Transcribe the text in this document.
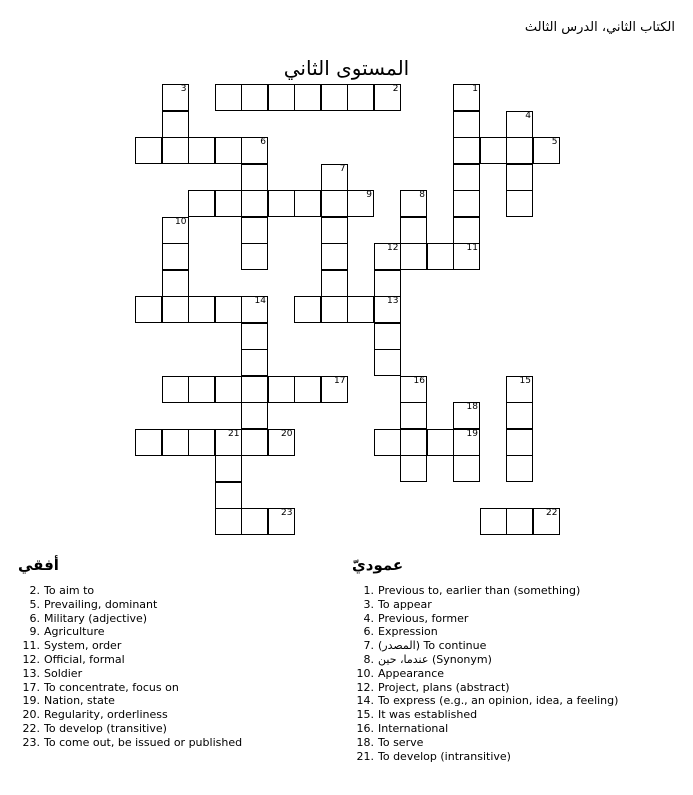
الكتاب الثاني، الدرس الثالث
المستوى الثاني
2	1
11
3
4
5
6
7
9	8
10
12
13
14
17	16	15
18
19
21	20
23	22
أفقي
2. To aim to
5. Prevailing, dominant
6. Military (adjective)
9. Agriculture
11. System, order
12. Official, formal
13. Soldier
17. To concentrate, focus on
19. Nation, state
20. Regularity, orderliness
22. To develop (transitive)
23. To come out, be issued or published
عموديّ
1. Previous to, earlier than (something)
3. To appear
4. Previous, former
6. Expression
7. (المصدر) To continue
8. عندما، حين (Synonym)
10. Appearance
12. Project, plans (abstract)
14. To express (e.g., an opinion, idea, a feeling)
15. It was established
16. International
18. To serve
21. To develop (intransitive)
